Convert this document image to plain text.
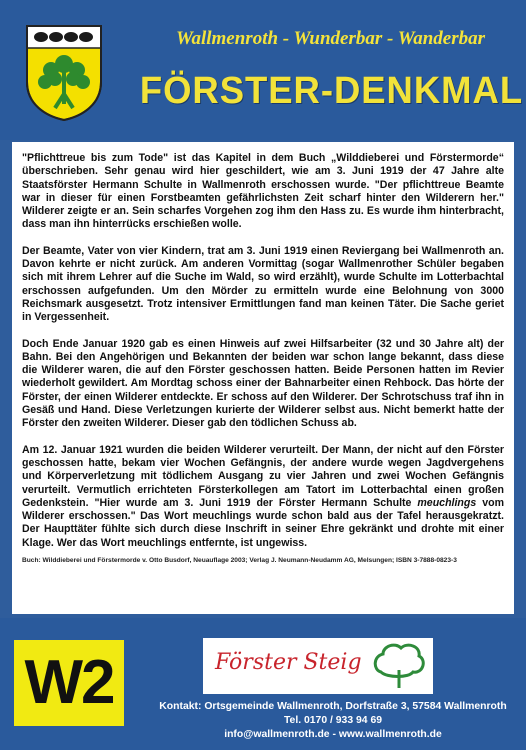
Wallmenroth - Wunderbar - Wanderbar
FÖRSTER-DENKMAL

"Pflichttreue bis zum Tode" ist das Kapitel in dem Buch „Wilddieberei und Förstermorde“ überschrieben. Sehr genau wird hier geschildert, wie am 3. Juni 1919 der 47 Jahre alte Staatsförster Hermann Schulte in Wallmenroth erschossen wurde. "Der pflichttreue Beamte war in dieser für einen Forstbeamten gefährlichsten Zeit scharf hinter den Wilderern her." Wilderer zeigte er an. Sein scharfes Vorgehen zog ihm den Hass zu. Es wurde ihm hinterbracht, dass man ihn hinterrücks erschießen wolle.

Der Beamte, Vater von vier Kindern, trat am 3. Juni 1919 einen Reviergang bei Wallmenroth an. Davon kehrte er nicht zurück. Am anderen Vormittag (sogar Wallmenrother Schüler begaben sich mit ihrem Lehrer auf die Suche im Wald, so wird erzählt), wurde Schulte im Lotterbachtal erschossen aufgefunden. Um den Mörder zu ermitteln wurde eine Belohnung von 3000 Reichsmark ausgesetzt. Trotz intensiver Ermittlungen fand man keinen Täter. Die Sache geriet in Vergessenheit.

Doch Ende Januar 1920 gab es einen Hinweis auf zwei Hilfsarbeiter (32 und 30 Jahre alt) der Bahn. Bei den Angehörigen und Bekannten der beiden war schon lange bekannt, dass diese die Wilderer waren, die auf den Förster geschossen hatten. Beide Personen hatten im Revier wiederholt gewildert. Am Mordtag schoss einer der Bahnarbeiter einen Rehbock. Das hörte der Förster, der einen Wilderer entdeckte. Er schoss auf den Wilderer. Der Schrotschuss traf ihn in Gesäß und Hand. Diese Verletzungen kurierte der Wilderer selbst aus. Nicht bemerkt hatte der Förster den zweiten Wilderer. Dieser gab den tödlichen Schuss ab.

Am 12. Januar 1921 wurden die beiden Wilderer verurteilt. Der Mann, der nicht auf den Förster geschossen hatte, bekam vier Wochen Gefängnis, der andere wurde wegen Jagdvergehens und Körperverletzung mit tödlichem Ausgang zu vier Jahren und zwei Wochen Gefängnis verurteilt. Vermutlich errichteten Försterkollegen am Tatort im Lotterbachtal einen großen Gedenkstein. "Hier wurde am 3. Juni 1919 der Förster Hermann Schulte meuchlings vom Wilderer erschossen." Das Wort meuchlings wurde schon bald aus der Tafel herausgekratzt. Der Haupttäter fühlte sich durch diese Inschrift in seiner Ehre gekränkt und drohte mit einer Klage. Wer das Wort meuchlings entfernte, ist ungewiss.

Buch: Wilddieberei und Förstermorde v. Otto Busdorf, Neuauflage 2003; Verlag J. Neumann-Neudamm AG, Melsungen; ISBN 3-7888-0823-3
W2	Förster Steig
Kontakt: Ortsgemeinde Wallmenroth, Dorfstraße 3, 57584 Wallmenroth
Tel. 0170 / 933 94 69
info@wallmenroth.de - www.wallmenroth.de
